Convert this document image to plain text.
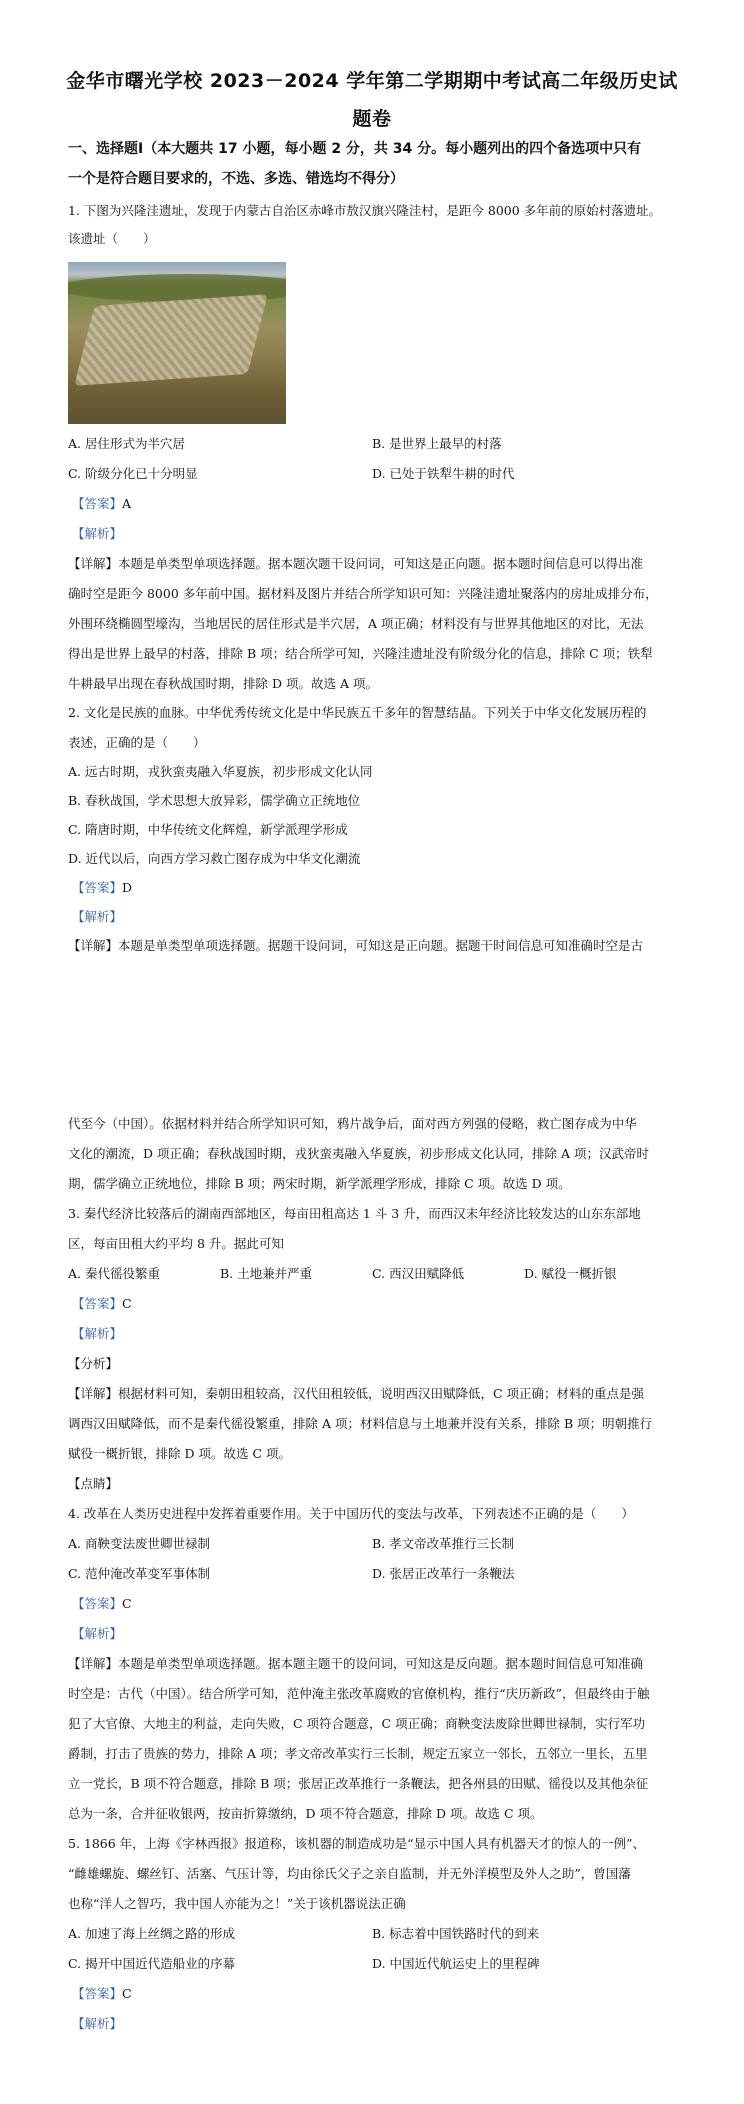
金华市曙光学校 2023－2024 学年第二学期期中考试高二年级历史试
题卷
一、选择题Ⅰ（本大题共 17 小题，每小题 2 分，共 34 分。每小题列出的四个备选项中只有
一个是符合题目要求的，不选、多选、错选均不得分）
1. 下图为兴隆洼遗址，发现于内蒙古自治区赤峰市敖汉旗兴隆洼村，是距今 8000 多年前的原始村落遗址。
该遗址（　　）
A. 居住形式为半穴居	B. 是世界上最早的村落
C. 阶级分化已十分明显	D. 已处于铁犁牛耕的时代
【答案】A
【解析】
【详解】本题是单类型单项选择题。据本题次题干设问词，可知这是正向题。据本题时间信息可以得出准
确时空是距今 8000 多年前中国。据材料及图片并结合所学知识可知：兴隆洼遗址聚落内的房址成排分布，
外围环绕椭圆型壕沟，当地居民的居住形式是半穴居，A 项正确；材料没有与世界其他地区的对比，无法
得出是世界上最早的村落，排除 B 项；结合所学可知，兴隆洼遗址没有阶级分化的信息，排除 C 项；铁犁
牛耕最早出现在春秋战国时期，排除 D 项。故选 A 项。
2. 文化是民族的血脉。中华优秀传统文化是中华民族五千多年的智慧结晶。下列关于中华文化发展历程的
表述，正确的是（　　）
A. 远古时期，戎狄蛮夷融入华夏族，初步形成文化认同
B. 春秋战国，学术思想大放异彩，儒学确立正统地位
C. 隋唐时期，中华传统文化辉煌，新学派理学形成
D. 近代以后，向西方学习救亡图存成为中华文化潮流
【答案】D
【解析】
【详解】本题是单类型单项选择题。据题干设问词，可知这是正向题。据题干时间信息可知准确时空是古
代至今（中国）。依据材料并结合所学知识可知，鸦片战争后，面对西方列强的侵略，救亡图存成为中华
文化的潮流，D 项正确；春秋战国时期，戎狄蛮夷融入华夏族，初步形成文化认同，排除 A 项；汉武帝时
期，儒学确立正统地位，排除 B 项；两宋时期，新学派理学形成，排除 C 项。故选 D 项。
3. 秦代经济比较落后的湖南西部地区，每亩田租高达 1 斗 3 升，而西汉末年经济比较发达的山东东部地
区，每亩田租大约平均 8 升。据此可知
A. 秦代徭役繁重	B. 土地兼并严重	C. 西汉田赋降低	D. 赋役一概折银
【答案】C
【解析】
【分析】
【详解】根据材料可知，秦朝田租较高，汉代田租较低，说明西汉田赋降低，C 项正确；材料的重点是强
调西汉田赋降低，而不是秦代徭役繁重，排除 A 项；材料信息与土地兼并没有关系，排除 B 项；明朝推行
赋役一概折银，排除 D 项。故选 C 项。
【点睛】
4. 改革在人类历史进程中发挥着重要作用。关于中国历代的变法与改革，下列表述不正确的是（　　）
A. 商鞅变法废世卿世禄制	B. 孝文帝改革推行三长制
C. 范仲淹改革变军事体制	D. 张居正改革行一条鞭法
【答案】C
【解析】
【详解】本题是单类型单项选择题。据本题主题干的设问词，可知这是反向题。据本题时间信息可知准确
时空是：古代（中国）。结合所学可知，范仲淹主张改革腐败的官僚机构，推行“庆历新政”，但最终由于触
犯了大官僚、大地主的利益，走向失败，C 项符合题意，C 项正确；商鞅变法废除世卿世禄制，实行军功
爵制，打击了贵族的势力，排除 A 项；孝文帝改革实行三长制，规定五家立一邻长，五邻立一里长，五里
立一党长，B 项不符合题意，排除 B 项；张居正改革推行一条鞭法，把各州县的田赋、徭役以及其他杂征
总为一条，合并征收银两，按亩折算缴纳，D 项不符合题意，排除 D 项。故选 C 项。
5. 1866 年，上海《字林西报》报道称，该机器的制造成功是“显示中国人具有机器天才的惊人的一例”、
“雌雄螺旋、螺丝钉、活塞、气压计等，均由徐氏父子之亲自监制，并无外洋模型及外人之助”，曾国藩
也称“洋人之智巧，我中国人亦能为之！”关于该机器说法正确
A. 加速了海上丝绸之路的形成	B. 标志着中国铁路时代的到来
C. 揭开中国近代造船业的序幕	D. 中国近代航运史上的里程碑
【答案】C
【解析】
